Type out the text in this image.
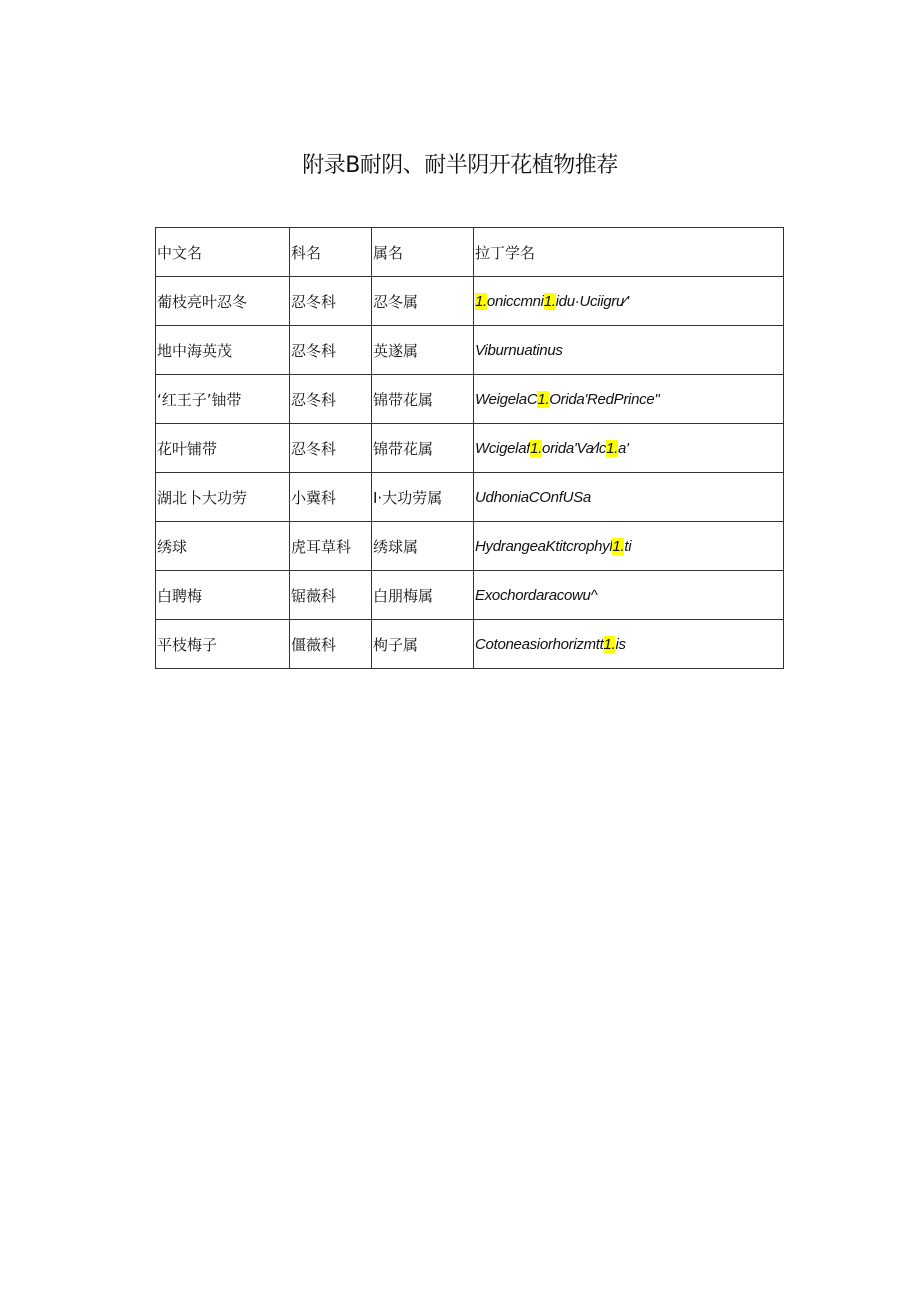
附录B耐阴、耐半阴开花植物推荐
中文名	科名	属名	拉丁学名
葡枝亮叶忍冬	忍冬科	忍冬属	1.oniccmni1.idu·Uciigru⁄'
地中海英茂	忍冬科	英遂属	Viburnuatinus
‘红王子’铀带	忍冬科	锦带花属	WeigelaC1.Orida'RedPrince"
花叶铺带	忍冬科	锦带花属	Wcigelaf1.orida'Va⁄lc1.a'
湖北卜大功劳	小冀科	I·大功劳属	UdhoniaCOnfUSa
绣球	虎耳草科	绣球属	HydrangeaKtitcrophyl1.ti
白聘梅	锯薇科	白朋梅属	Exochordaracowu^
平枝梅子	僵薇科	枸子属	Cotoneasiorhorizmtt1.is
